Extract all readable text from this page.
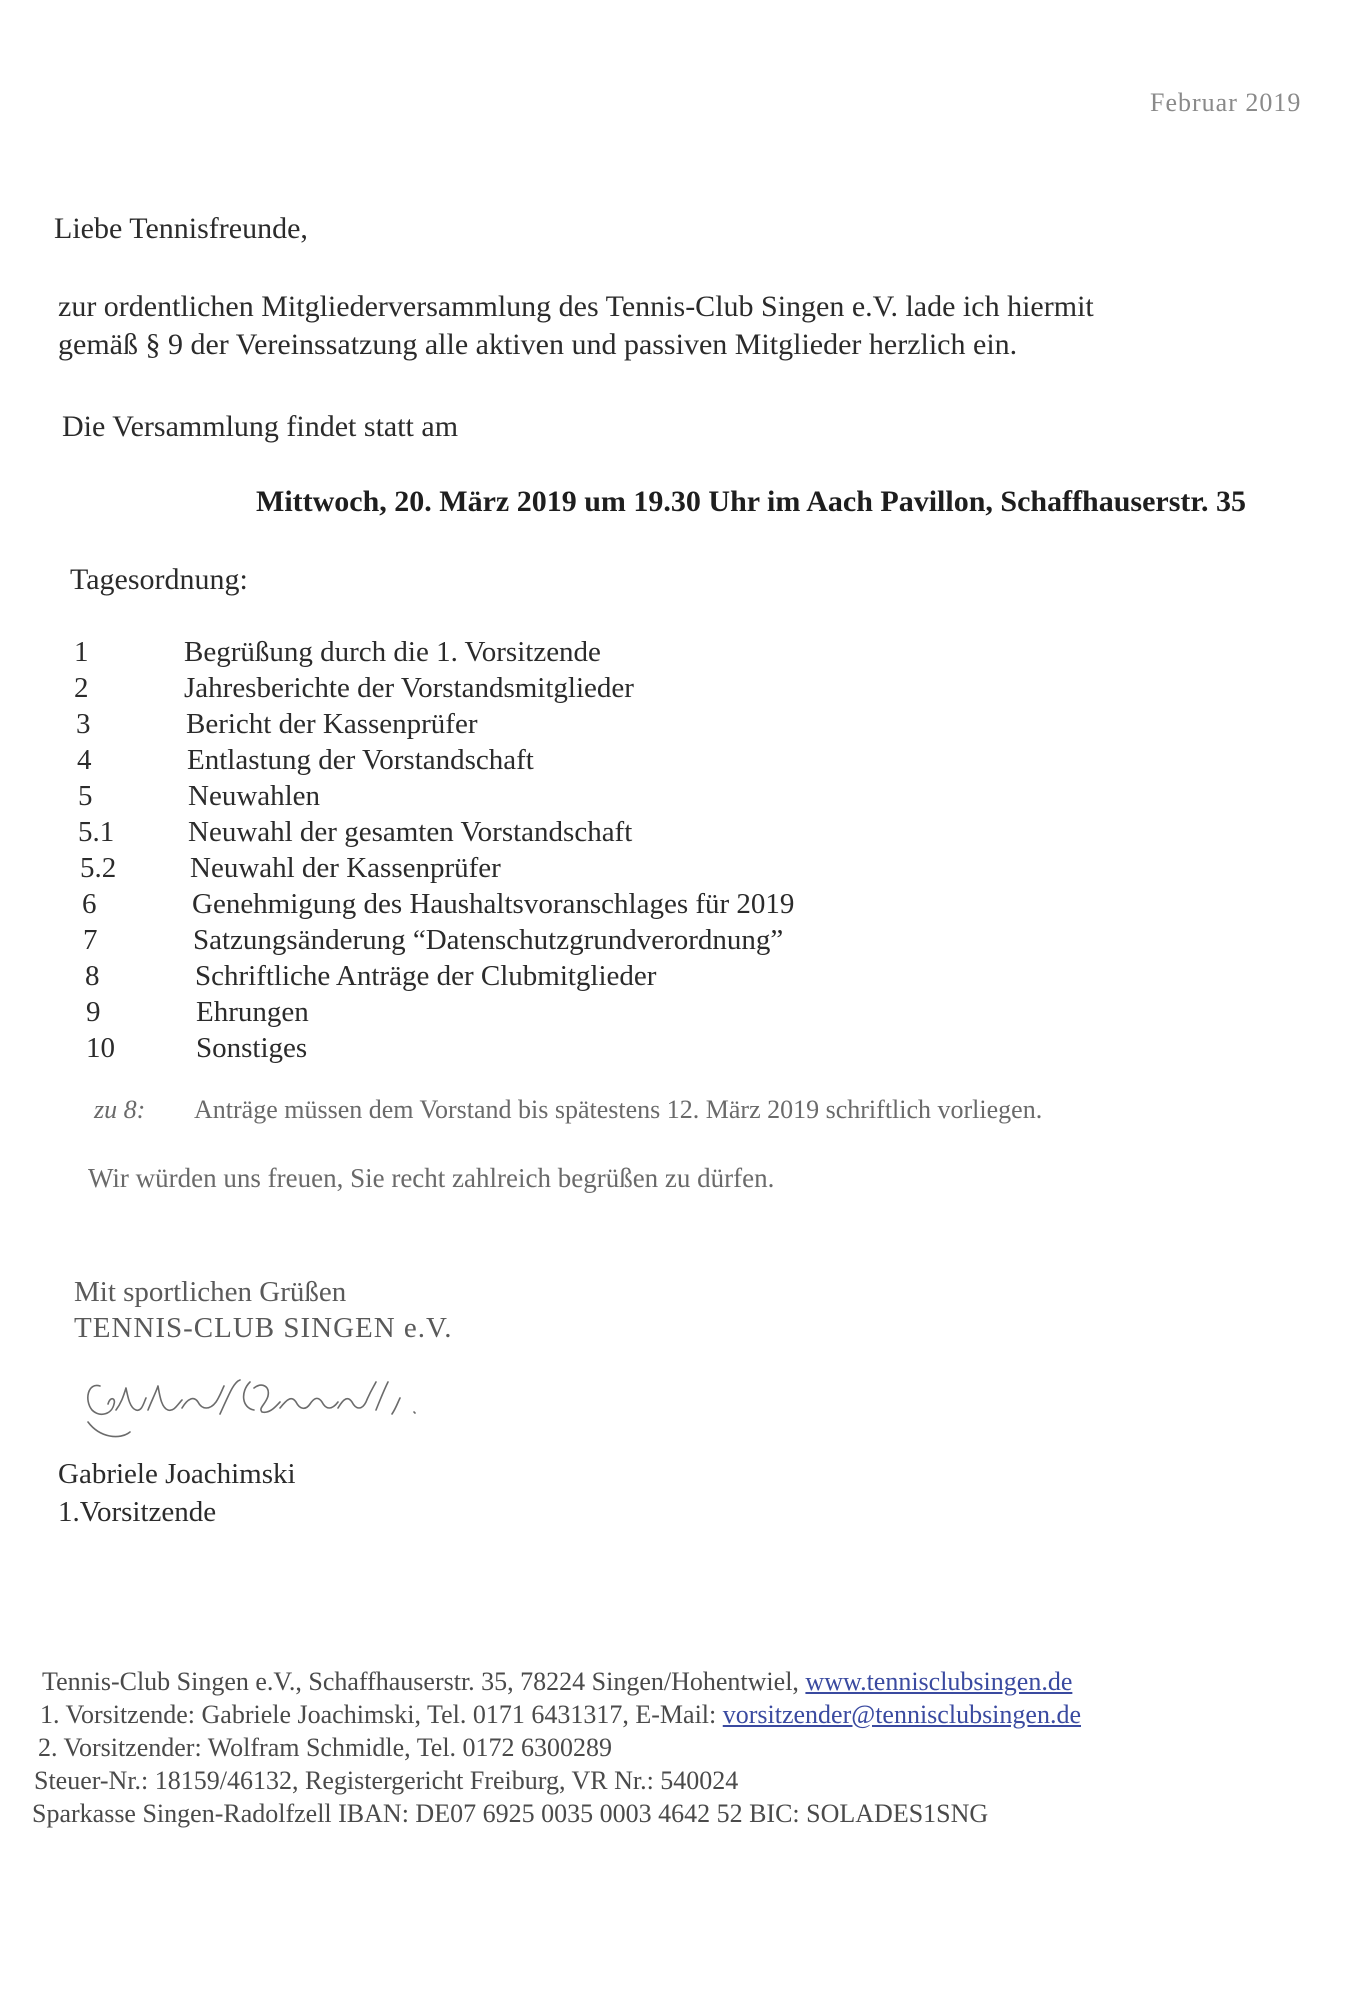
Februar 2019
Liebe Tennisfreunde,
zur ordentlichen Mitgliederversammlung des Tennis-Club Singen e.V. lade ich hiermit
gemäß § 9 der Vereinssatzung alle aktiven und passiven Mitglieder herzlich ein.
Die Versammlung findet statt am
Mittwoch, 20. März 2019 um 19.30 Uhr im Aach Pavillon, Schaffhauserstr. 35
Tagesordnung:
1	Begrüßung durch die 1. Vorsitzende
2	Jahresberichte der Vorstandsmitglieder
3	Bericht der Kassenprüfer
4	Entlastung der Vorstandschaft
5	Neuwahlen
5.1	Neuwahl der gesamten Vorstandschaft
5.2	Neuwahl der Kassenprüfer
6	Genehmigung des Haushaltsvoranschlages für 2019
7	Satzungsänderung “Datenschutzgrundverordnung”
8	Schriftliche Anträge der Clubmitglieder
9	Ehrungen
10	Sonstiges
zu 8: Anträge müssen dem Vorstand bis spätestens 12. März 2019 schriftlich vorliegen.
Wir würden uns freuen, Sie recht zahlreich begrüßen zu dürfen.
Mit sportlichen Grüßen
TENNIS-CLUB SINGEN e.V.
Gabriele Joachimski
1.Vorsitzende
Tennis-Club Singen e.V., Schaffhauserstr. 35, 78224 Singen/Hohentwiel, www.tennisclubsingen.de
1. Vorsitzende: Gabriele Joachimski, Tel. 0171 6431317, E-Mail: vorsitzender@tennisclubsingen.de
2. Vorsitzender: Wolfram Schmidle, Tel. 0172 6300289
Steuer-Nr.: 18159/46132, Registergericht Freiburg, VR Nr.: 540024
Sparkasse Singen-Radolfzell IBAN: DE07 6925 0035 0003 4642 52 BIC: SOLADES1SNG
